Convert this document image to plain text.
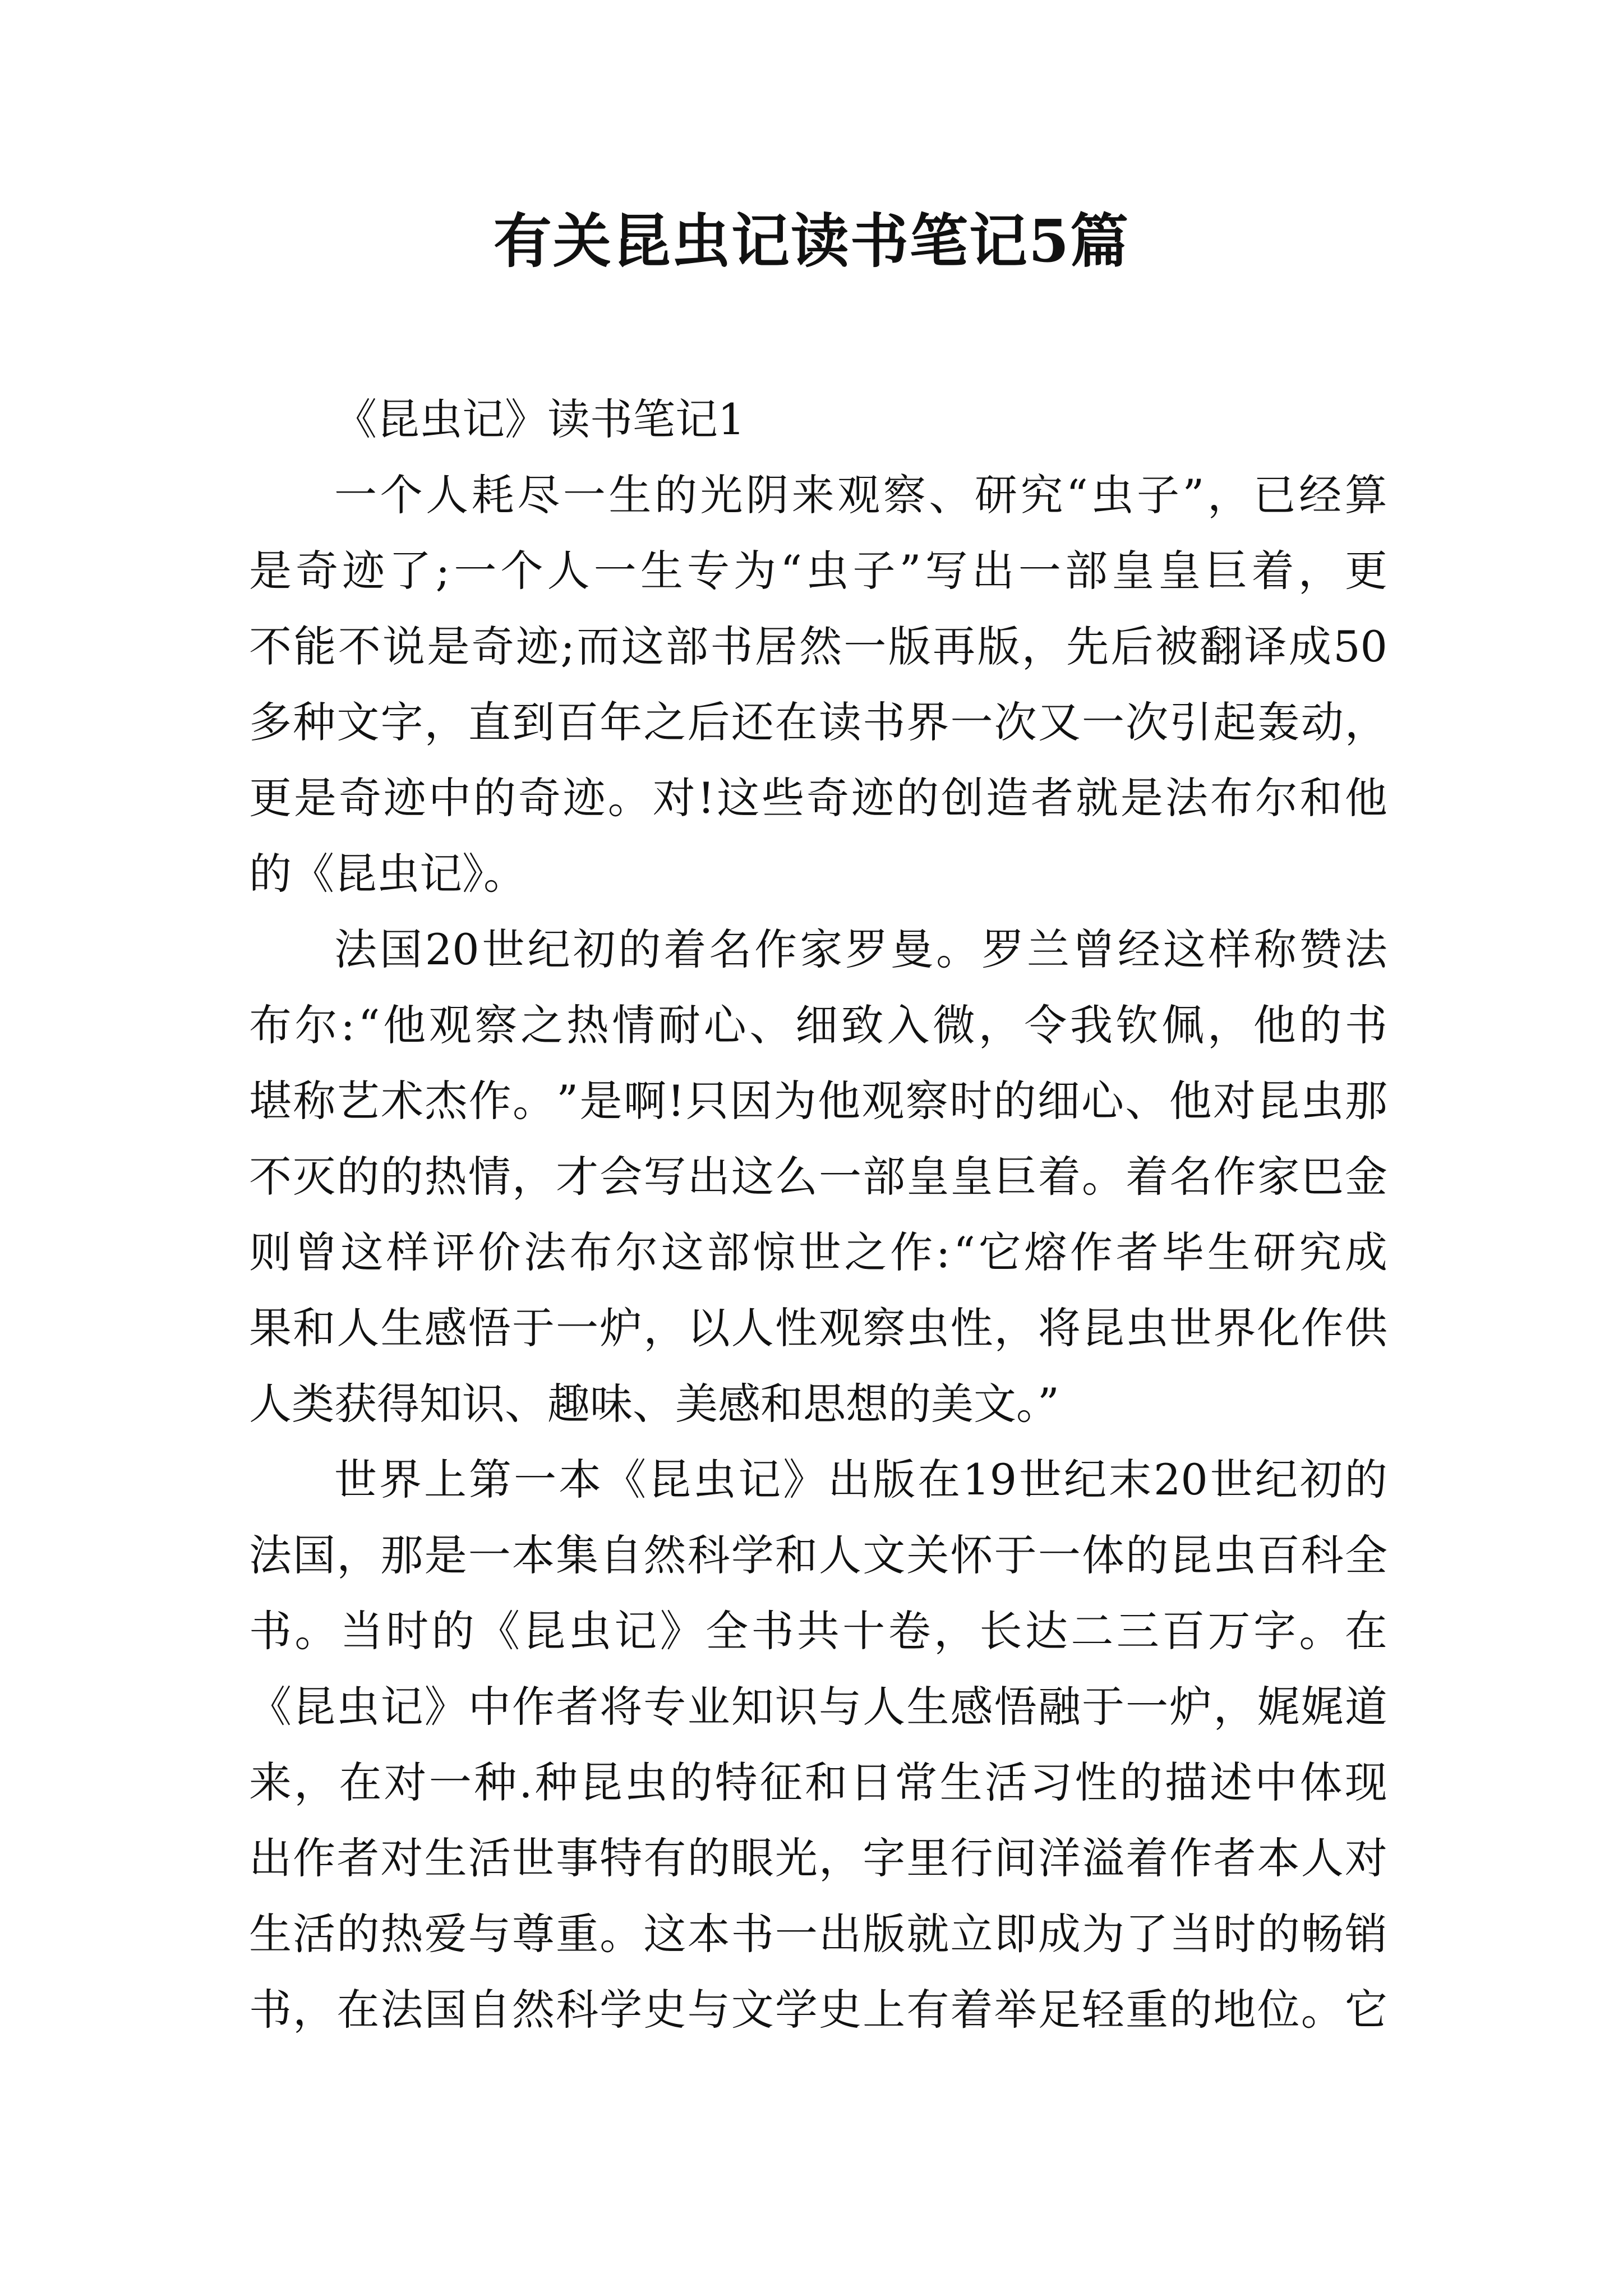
有关昆虫记读书笔记5篇
《昆虫记》读书笔记1
一 个 人 耗 尽 一 生 的 光 阴 来 观 察 、 研 究 “ 虫 子 ” ， 已 经 算
是 奇 迹 了 ; 一 个 人 一 生 专 为 “ 虫 子 ” 写 出 一 部 皇 皇 巨 着 ， 更
不 能 不 说 是 奇 迹 ; 而 这 部 书 居 然 一 版 再 版 ， 先 后 被 翻 译 成 50
多 种 文 字 ， 直 到 百 年 之 后 还 在 读 书 界 一 次 又 一 次 引 起 轰 动 ，
更 是 奇 迹 中 的 奇 迹 。 对 ! 这 些 奇 迹 的 创 造 者 就 是 法 布 尔 和 他
的《昆虫记》。
法 国 20 世 纪 初 的 着 名 作 家 罗 曼 。 罗 兰 曾 经 这 样 称 赞 法
布 尔 : “ 他 观 察 之 热 情 耐 心 、 细 致 入 微 ， 令 我 钦 佩 ， 他 的 书
堪 称 艺 术 杰 作 。 ” 是 啊 ! 只 因 为 他 观 察 时 的 细 心 、 他 对 昆 虫 那
不 灭 的 的 热 情 ， 才 会 写 出 这 么 一 部 皇 皇 巨 着 。 着 名 作 家 巴 金
则 曾 这 样 评 价 法 布 尔 这 部 惊 世 之 作 : “ 它 熔 作 者 毕 生 研 究 成
果 和 人 生 感 悟 于 一 炉 ， 以 人 性 观 察 虫 性 ， 将 昆 虫 世 界 化 作 供
人类获得知识、趣味、美感和思想的美文。”
世 界 上 第 一 本 《 昆 虫 记 》 出 版 在 19 世 纪 末 20 世 纪 初 的
法 国 ， 那 是 一 本 集 自 然 科 学 和 人 文 关 怀 于 一 体 的 昆 虫 百 科 全
书 。 当 时 的 《 昆 虫 记 》 全 书 共 十 卷 ， 长 达 二 三 百 万 字 。 在
《 昆 虫 记 》 中 作 者 将 专 业 知 识 与 人 生 感 悟 融 于 一 炉 ， 娓 娓 道
来 ， 在 对 一 种 . 种 昆 虫 的 特 征 和 日 常 生 活 习 性 的 描 述 中 体 现
出 作 者 对 生 活 世 事 特 有 的 眼 光 ， 字 里 行 间 洋 溢 着 作 者 本 人 对
生 活 的 热 爱 与 尊 重 。 这 本 书 一 出 版 就 立 即 成 为 了 当 时 的 畅 销
书 ， 在 法 国 自 然 科 学 史 与 文 学 史 上 有 着 举 足 轻 重 的 地 位 。 它
